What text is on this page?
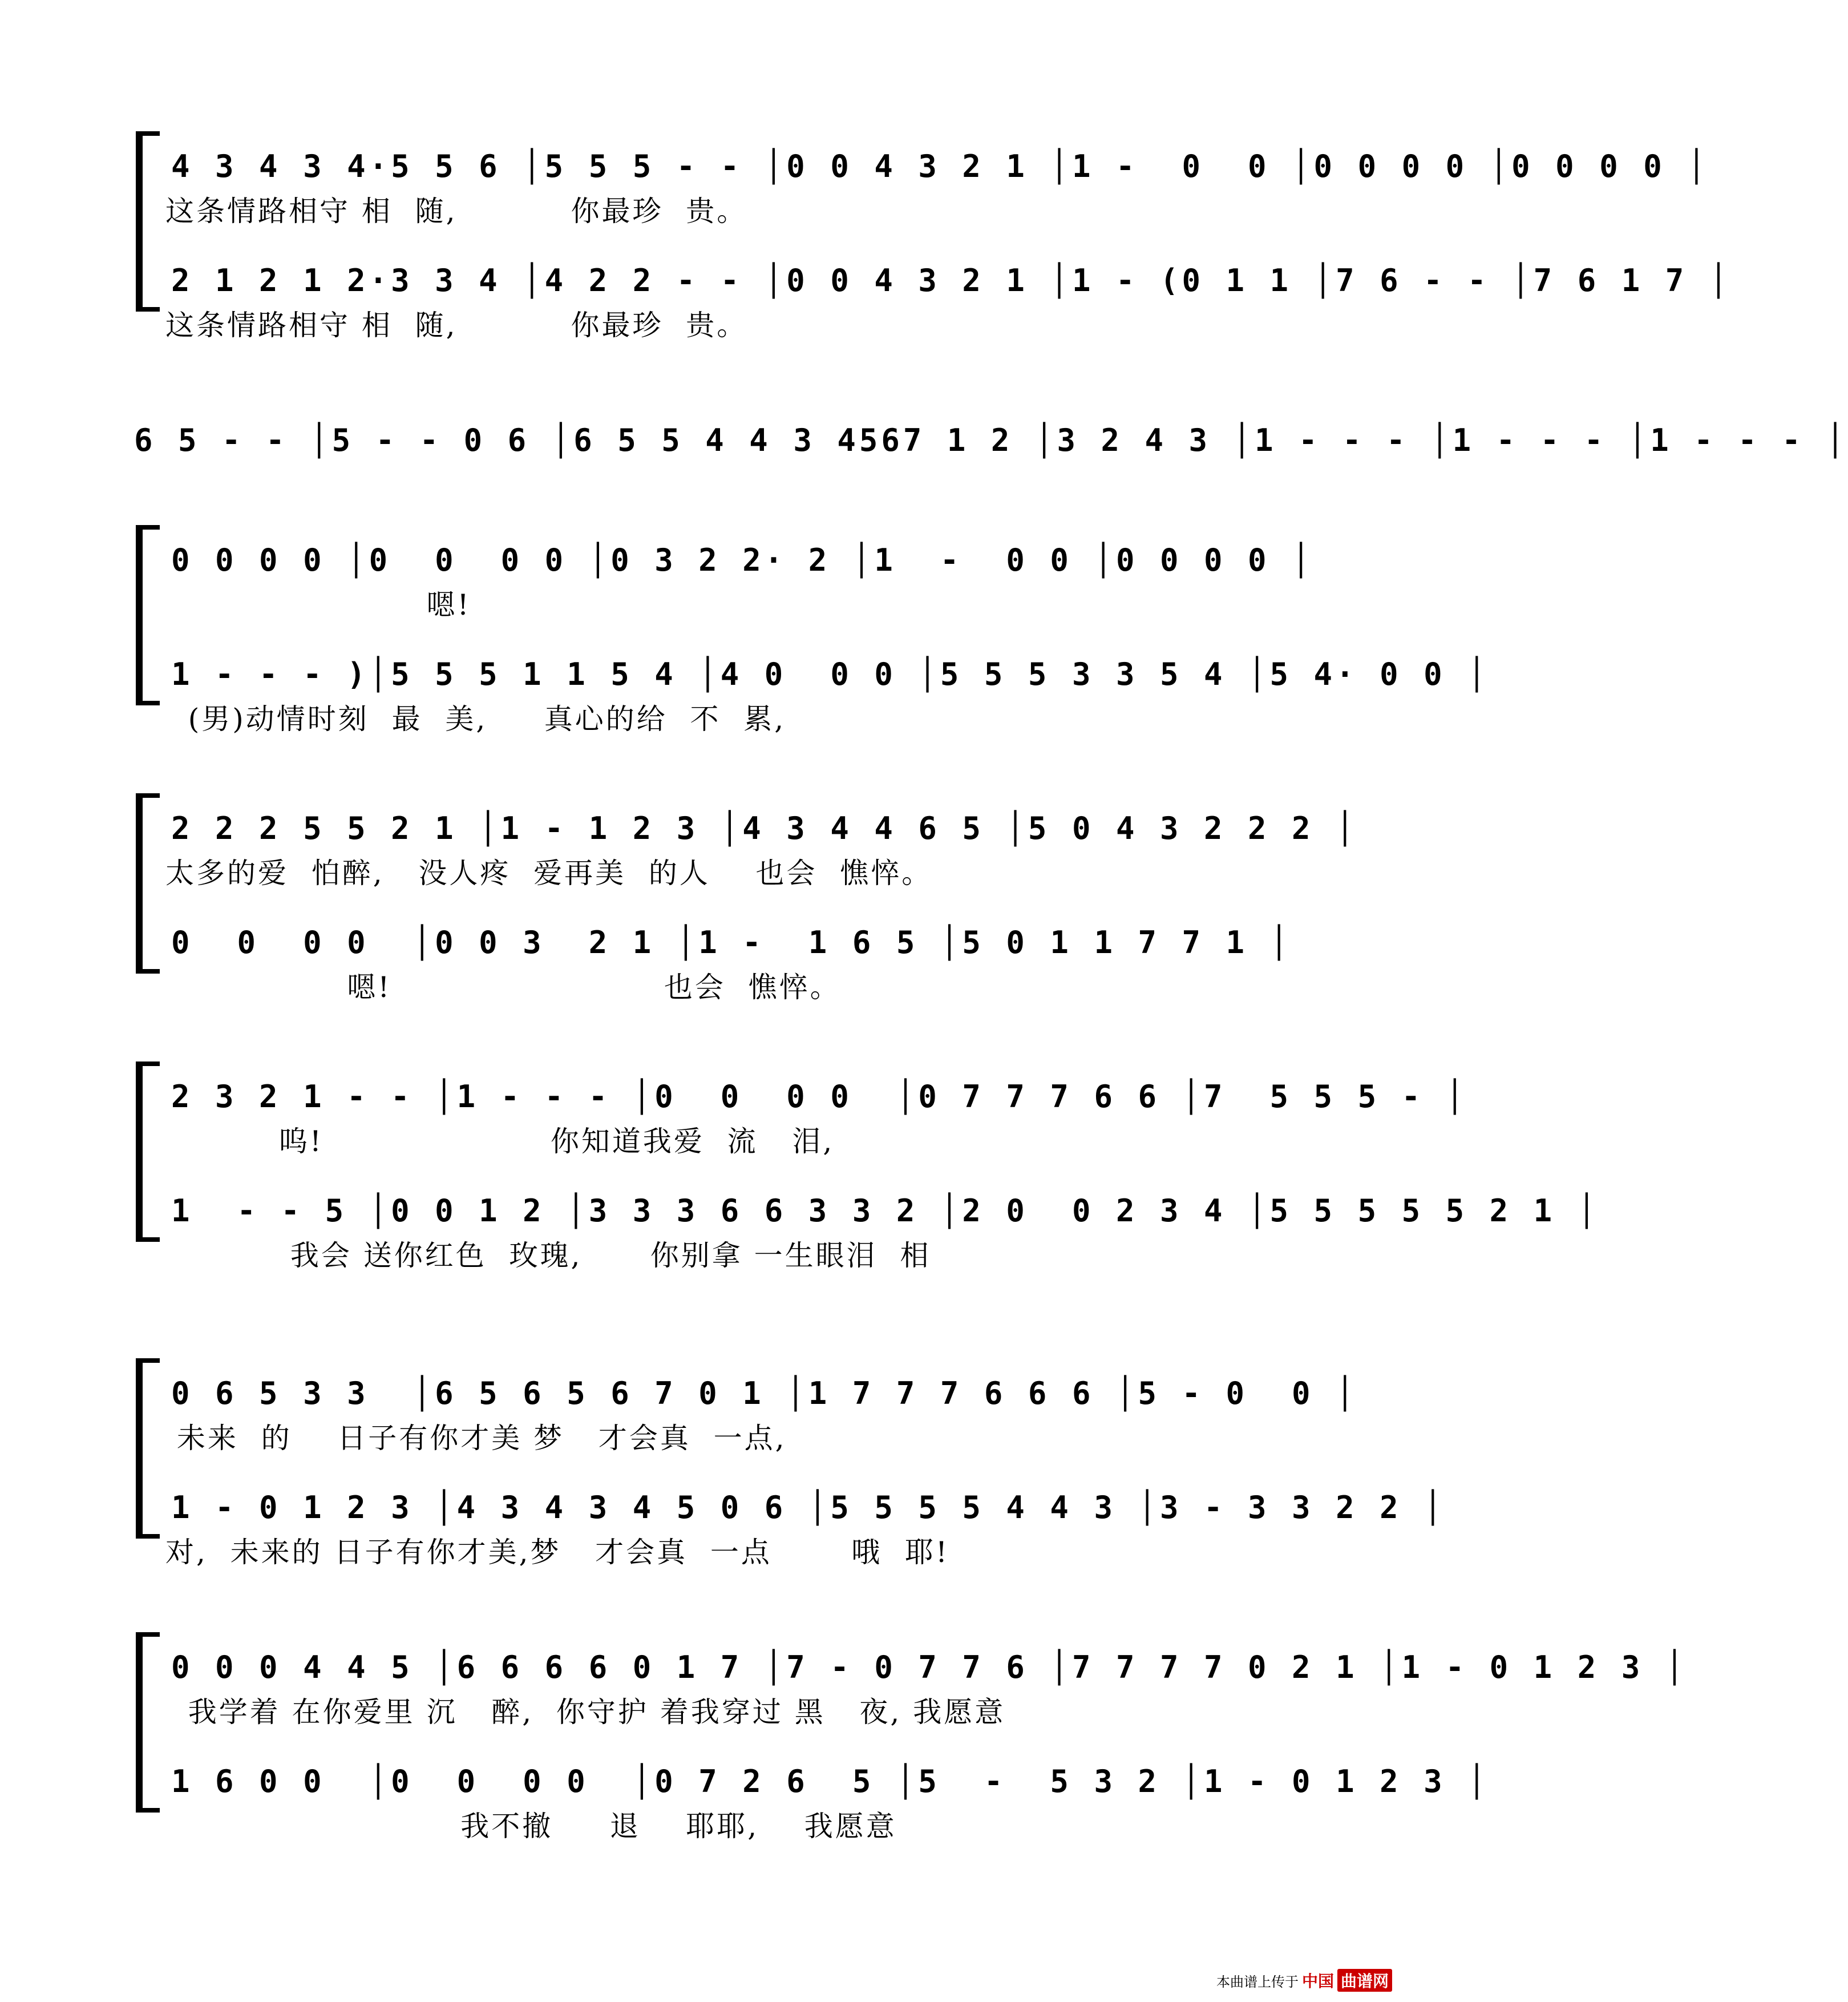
4 3 4 3 4·5 5 6 │5 5 5 - - │0 0 4 3 2 1 │1 -  0  0 │0 0 0 0 │0 0 0 0 │
这条情路相守 相  随,          你最珍  贵。
2 1 2 1 2·3 3 4 │4 2 2 - - │0 0 4 3 2 1 │1 - (0 1 1 │7 6 - - │7 6 1 7 │
这条情路相守 相  随,          你最珍  贵。
6 5 - - │5 - - 0 6 │6 5 5 4 4 3 4567 1 2 │3 2 4 3 │1 - - - │1 - - - │1 - - - │
0 0 0 0 │0  0  0 0 │0 3 2 2· 2 │1  -  0 0 │0 0 0 0 │
嗯!
1 - - - )│5 5 5 1 1 5 4 │4 0  0 0 │5 5 5 3 3 5 4 │5 4· 0 0 │
(男)动情时刻  最  美,     真心的给  不  累,
2 2 2 5 5 2 1 │1 - 1 2 3 │4 3 4 4 6 5 │5 0 4 3 2 2 2 │
太多的爱  怕醉,   没人疼  爱再美  的人    也会  憔悴。
0  0  0 0  │0 0 3  2 1 │1 -  1 6 5 │5 0 1 1 7 7 1 │
嗯!                        也会  憔悴。
2 3 2 1 - - │1 - - - │0  0  0 0  │0 7 7 7 6 6 │7  5 5 5 - │
呜!                    你知道我爱  流   泪,
1  - - 5 │0 0 1 2 │3 3 3 6 6 3 3 2 │2 0  0 2 3 4 │5 5 5 5 5 2 1 │
我会 送你红色  玫瑰,      你别拿 一生眼泪  相
0 6 5 3 3  │6 5 6 5 6 7 0 1 │1 7 7 7 6 6 6 │5 - 0  0 │
未来  的    日子有你才美 梦   才会真  一点,
1 - 0 1 2 3 │4 3 4 3 4 5 0 6 │5 5 5 5 4 4 3 │3 - 3 3 2 2 │
对,  未来的 日子有你才美,梦   才会真  一点       哦  耶!
0 0 0 4 4 5 │6 6 6 6 0 1 7 │7 - 0 7 7 6 │7 7 7 7 0 2 1 │1 - 0 1 2 3 │
我学着 在你爱里 沉   醉,  你守护 着我穿过 黑   夜, 我愿意
1 6 0 0  │0  0  0 0  │0 7 2 6  5 │5  -  5 3 2 │1 - 0 1 2 3 │
我不撤     退    耶耶,    我愿意
本曲谱上传于 中国 曲谱网
